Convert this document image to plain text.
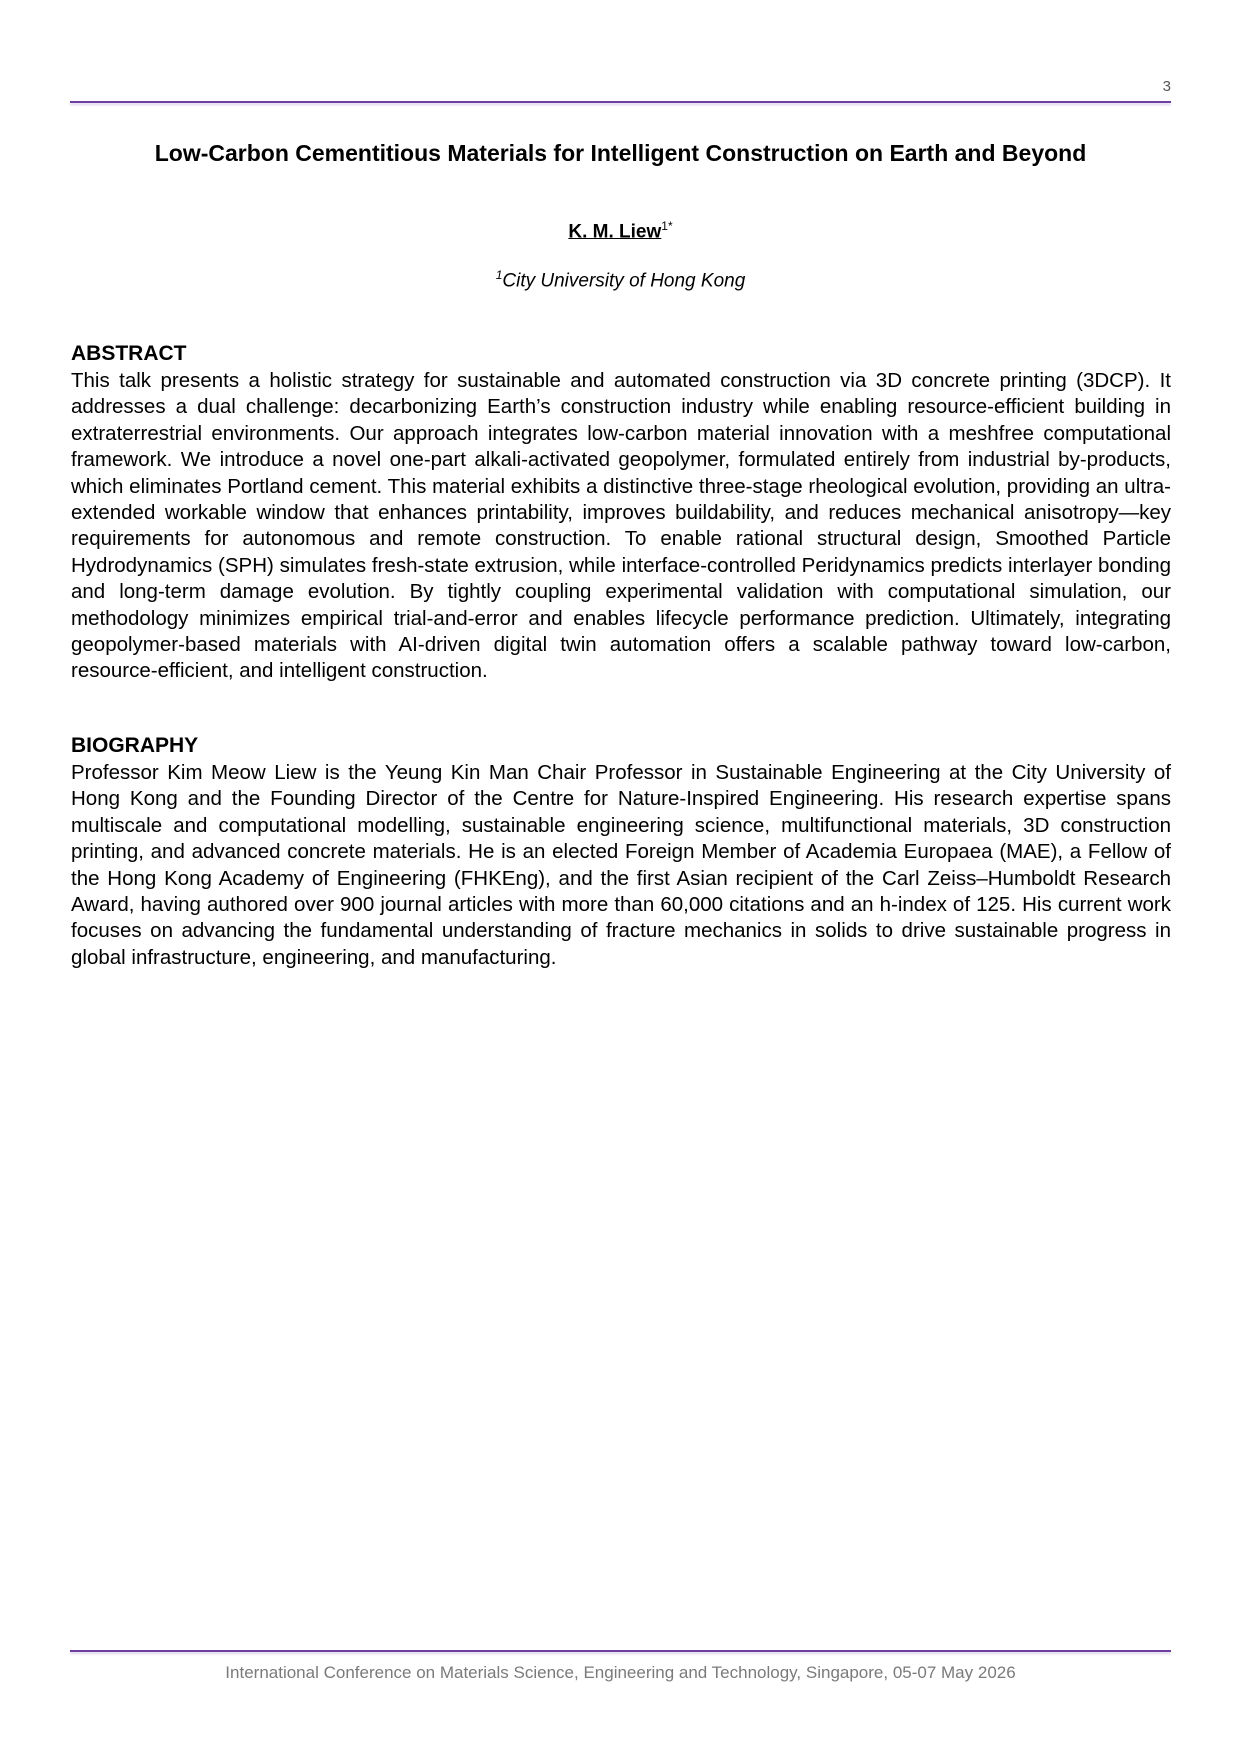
3
Low-Carbon Cementitious Materials for Intelligent Construction on Earth and Beyond
K. M. Liew$^{1*}$
$^1$City University of Hong Kong
ABSTRACT

This talk presents a holistic strategy for sustainable and automated construction via 3D concrete printing (3DCP). It addresses a dual challenge: decarbonizing Earth’s construction industry while enabling resource-efficient building in extraterrestrial environments. Our approach integrates low-carbon material innovation with a meshfree computational framework. We introduce a novel one-part alkali-activated geopolymer, formulated entirely from industrial by-products, which eliminates Portland cement. This material exhibits a distinctive three-stage rheological evolution, providing an ultra-extended workable window that enhances printability, improves buildability, and reduces mechanical anisotropy—key requirements for autonomous and remote construction. To enable rational structural design, Smoothed Particle Hydrodynamics (SPH) simulates fresh-state extrusion, while interface-controlled Peridynamics predicts interlayer bonding and long-term damage evolution. By tightly coupling experimental validation with computational simulation, our methodology minimizes empirical trial-and-error and enables lifecycle performance prediction. Ultimately, integrating geopolymer-based materials with AI-driven digital twin automation offers a scalable pathway toward low-carbon, resource-efficient, and intelligent construction.

BIOGRAPHY

Professor Kim Meow Liew is the Yeung Kin Man Chair Professor in Sustainable Engineering at the City University of Hong Kong and the Founding Director of the Centre for Nature-Inspired Engineering. His research expertise spans multiscale and computational modelling, sustainable engineering science, multifunctional materials, 3D construction printing, and advanced concrete materials. He is an elected Foreign Member of Academia Europaea (MAE), a Fellow of the Hong Kong Academy of Engineering (FHKEng), and the first Asian recipient of the Carl Zeiss–Humboldt Research Award, having authored over 900 journal articles with more than 60,000 citations and an h-index of 125. His current work focuses on advancing the fundamental understanding of fracture mechanics in solids to drive sustainable progress in global infrastructure, engineering, and manufacturing.

International Conference on Materials Science, Engineering and Technology, Singapore, 05-07 May 2026
